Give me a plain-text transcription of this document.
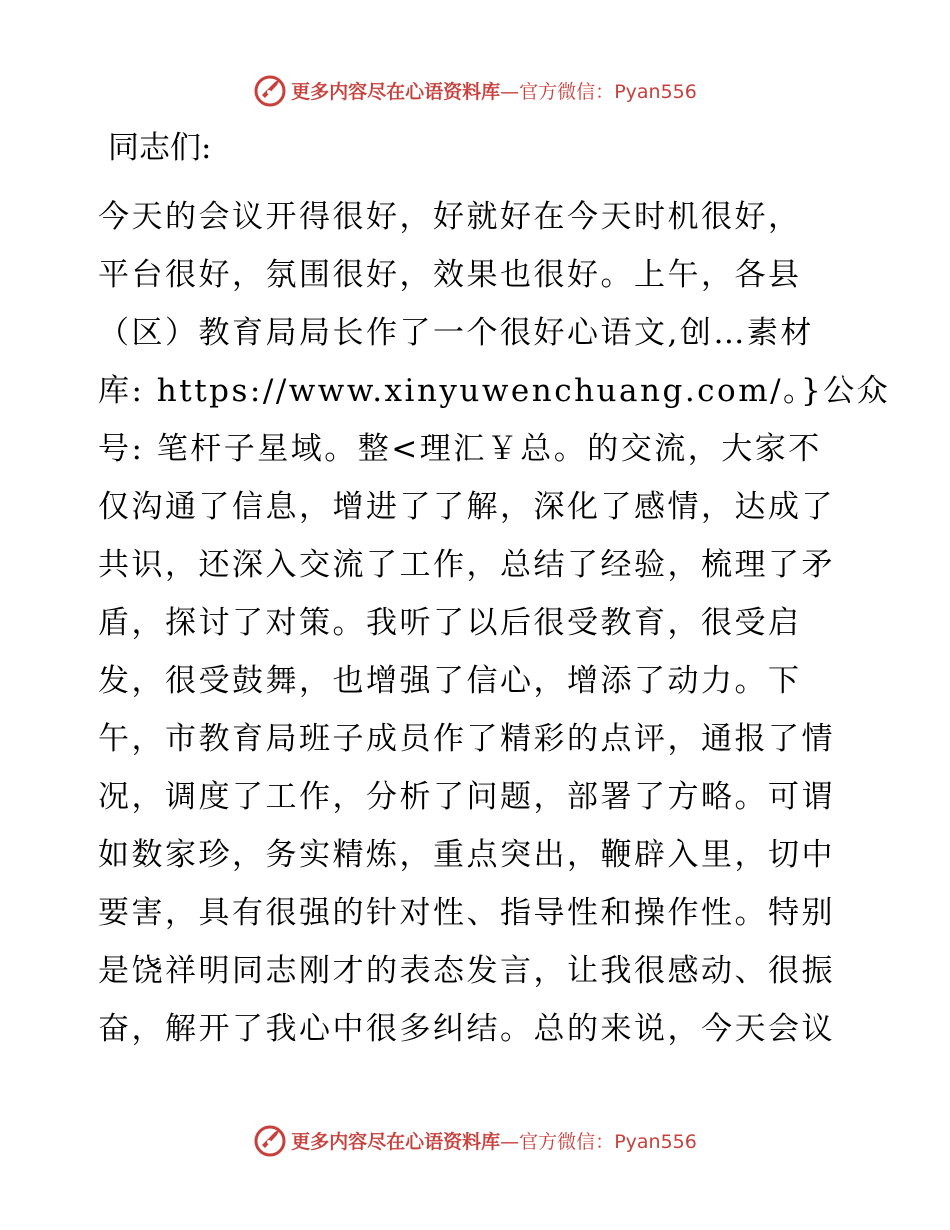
更多内容尽在心语资料库—官方微信：Pyan556
同志们:
今天的会议开得很好，好就好在今天时机很好，
平台很好，氛围很好，效果也很好。上午，各县
（区）教育局局长作了一个很好心语文,创…素材
库: https://www.xinyuwenchuang.com/。}公众
号: 笔杆子星域。整<理汇￥总。的交流，大家不
仅沟通了信息，增进了了解，深化了感情，达成了
共识，还深入交流了工作，总结了经验，梳理了矛
盾，探讨了对策。我听了以后很受教育，很受启
发，很受鼓舞，也增强了信心，增添了动力。下
午，市教育局班子成员作了精彩的点评，通报了情
况，调度了工作，分析了问题，部署了方略。可谓
如数家珍，务实精炼，重点突出，鞭辟入里，切中
要害，具有很强的针对性、指导性和操作性。特别
是饶祥明同志刚才的表态发言，让我很感动、很振
奋，解开了我心中很多纠结。总的来说，今天会议
更多内容尽在心语资料库—官方微信：Pyan556
